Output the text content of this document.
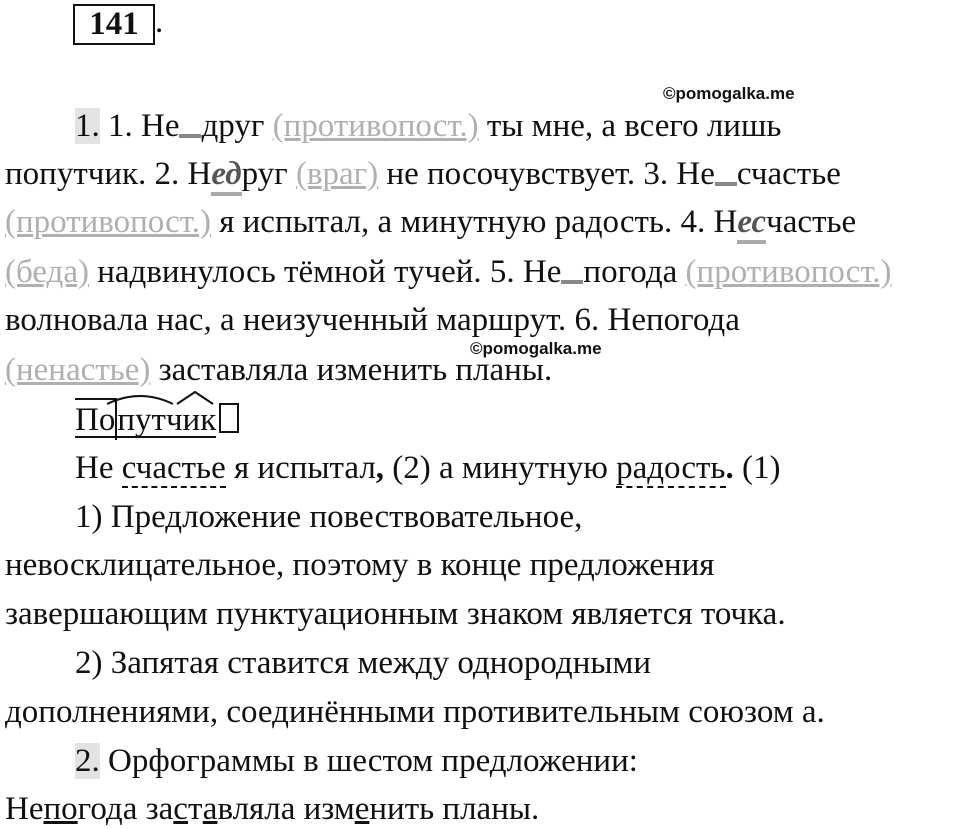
141 .
©pomogalka.me
©pomogalka.me
1. 1. Не друг (противопост.) ты мне, а всего лишь
попутчик. 2. Недруг (враг) не посочувствует. 3. Не счастье
(противопост.) я испытал, а минутную радость. 4. Несчастье
(беда) надвинулось тёмной тучей. 5. Не погода (противопост.)
волновала нас, а неизученный маршрут. 6. Непогода
(ненастье) заставляла изменить планы.
Попутчик
Не счастье я испытал, (2) а минутную радость. (1)
1) Предложение повествовательное,
невосклицательное, поэтому в конце предложения
завершающим пунктуационным знаком является точка.
2) Запятая ставится между однородными
дополнениями, соединёнными противительным союзом а.
2. Орфограммы в шестом предложении:
Непогода заставляла изменить планы.
